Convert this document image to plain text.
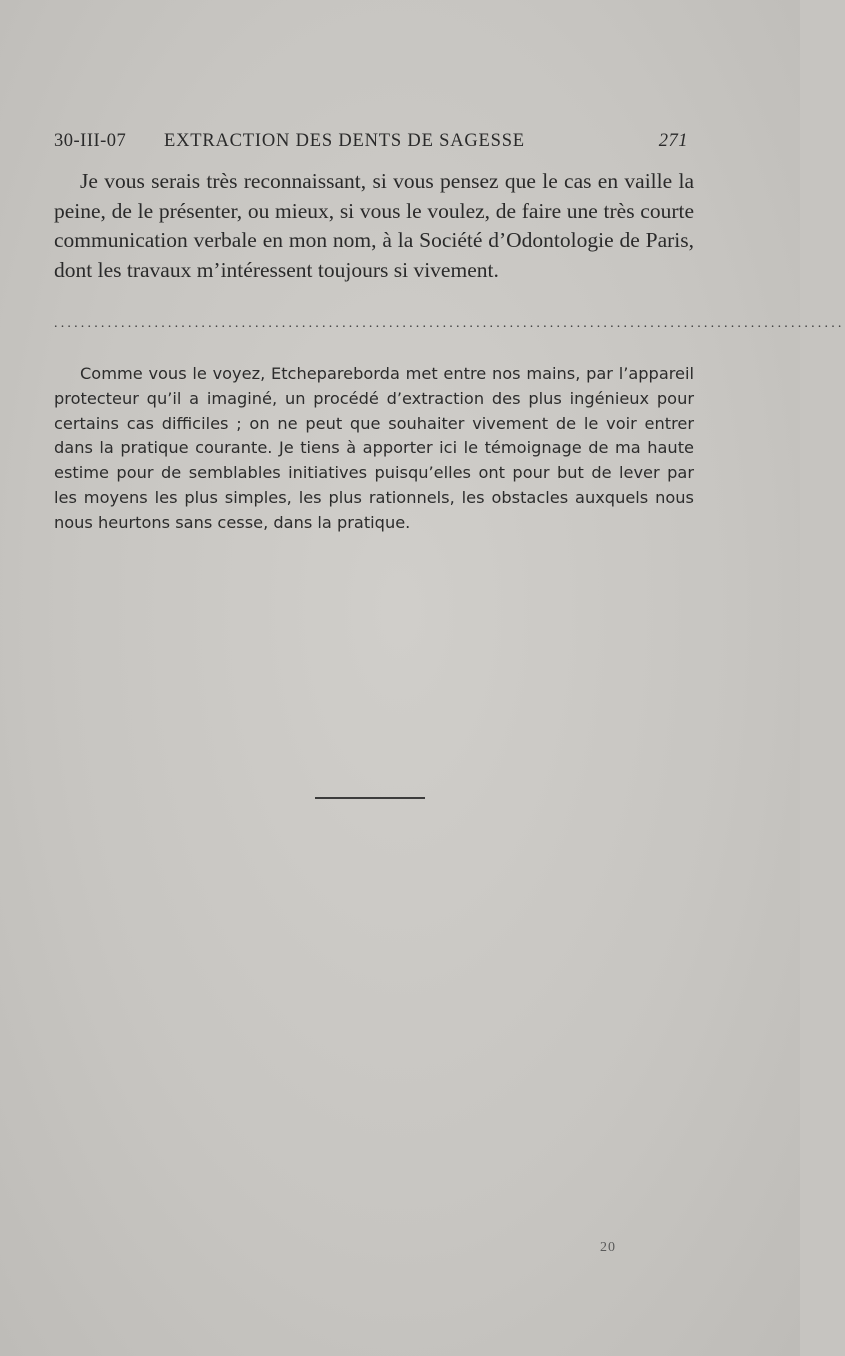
30-III-07 EXTRACTION DES DENTS DE SAGESSE	271

Je vous serais très reconnaissant, si vous pensez que le cas en vaille la peine, de le présenter, ou mieux, si vous le voulez, de faire une très courte communication verbale en mon nom, à la Société d’Odontologie de Paris, dont les travaux m’intéressent toujours si vivement.

......................................................................................................................

Comme vous le voyez, Etchepareborda met entre nos mains, par l’appareil protecteur qu’il a imaginé, un procédé d’extraction des plus ingénieux pour certains cas difficiles ; on ne peut que souhaiter vivement de le voir entrer dans la pratique courante. Je tiens à apporter ici le témoignage de ma haute estime pour de semblables initiatives puisqu’elles ont pour but de lever par les moyens les plus simples, les plus rationnels, les obstacles auxquels nous nous heurtons sans cesse, dans la pratique.

20
